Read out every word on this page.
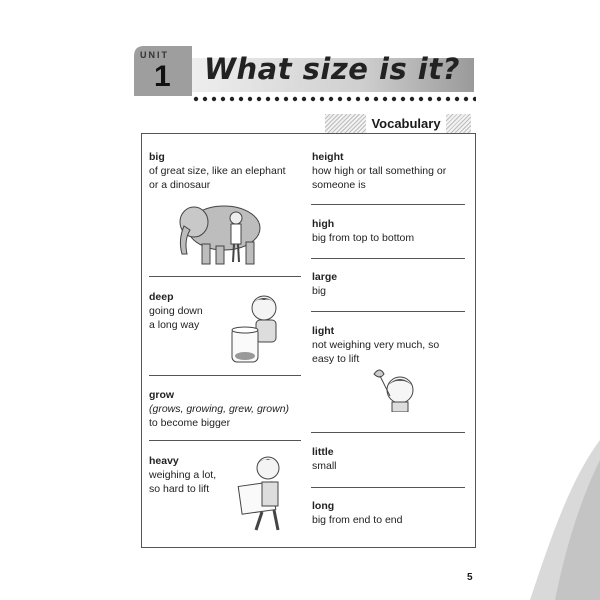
UNIT
1 What size is it?
Vocabulary
big
of great size, like an elephant
or a dinosaur
deep
going down
a long way
grow
(grows, growing, grew, grown)
to become bigger
heavy
weighing a lot,
so hard to lift
height
how high or tall something or
someone is
high
big from top to bottom
large
big
light
not weighing very much, so
easy to lift
little
small
long
big from end to end
5
